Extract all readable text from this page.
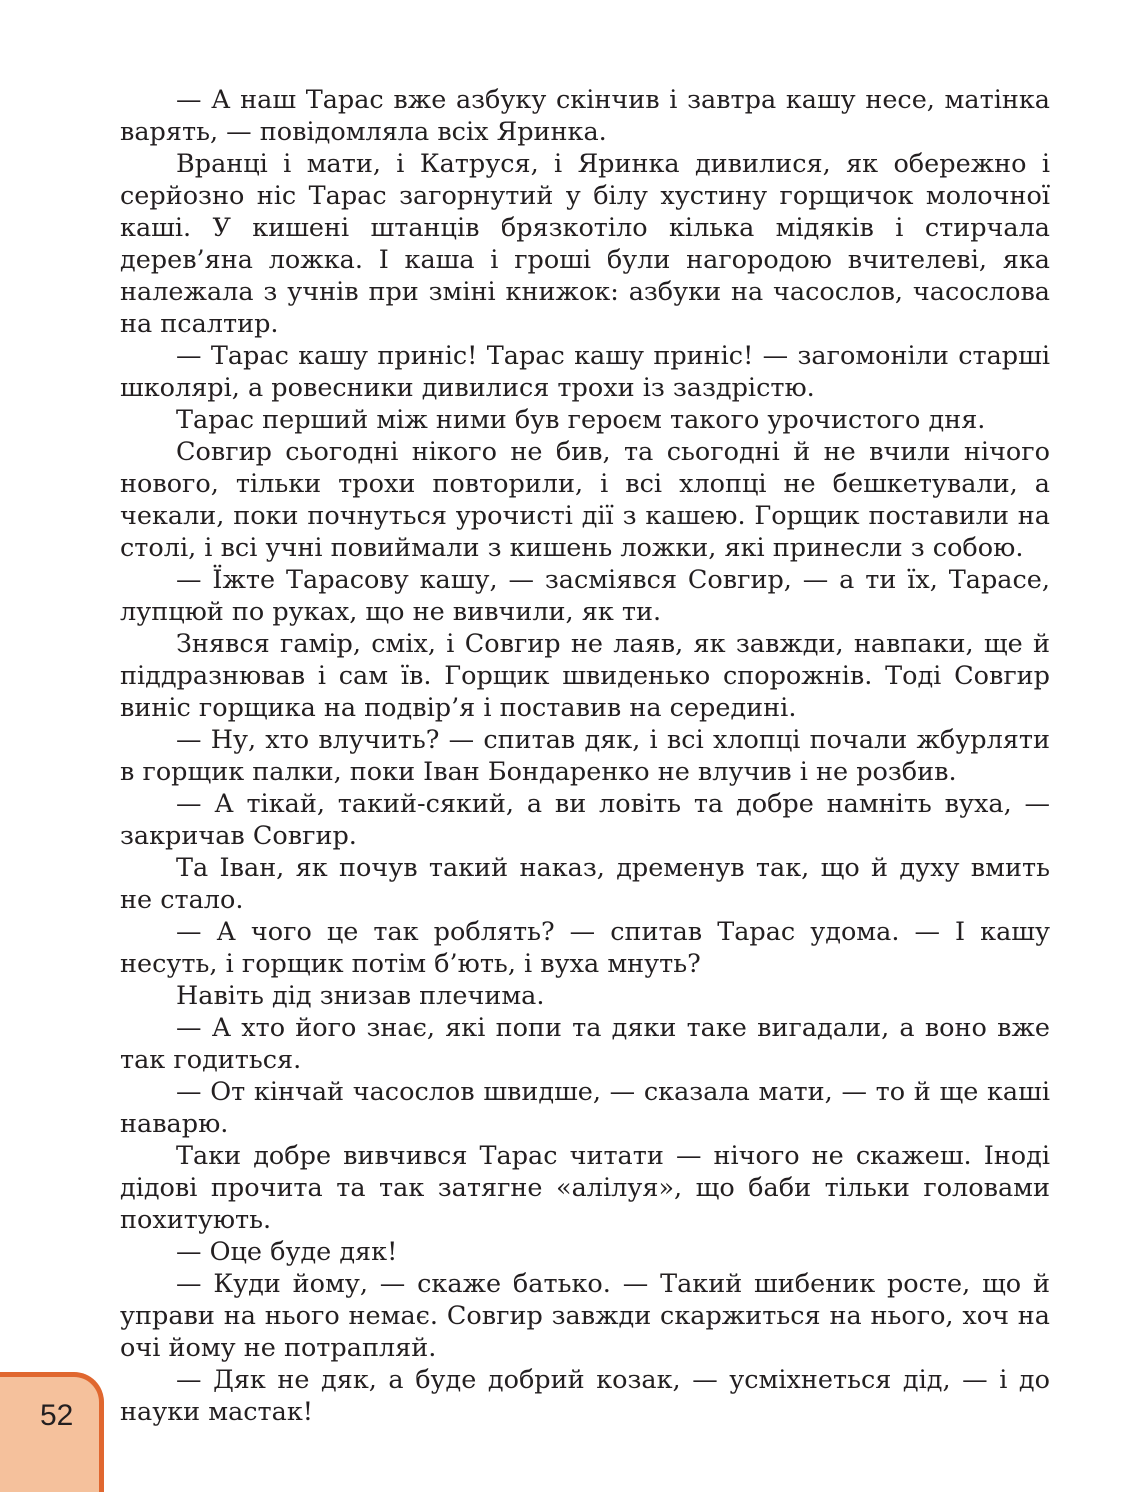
— А наш Тарас вже азбуку скінчив і завтра кашу несе, матінка варять, — повідомляла всіх Яринка.

Вранці і мати, і Катруся, і Яринка дивилися, як обережно і серйозно ніс Тарас загорнутий у білу хустину горщичок молочної каші. У кишені штанців брязкотіло кілька мідяків і стирчала дерев’яна ложка. І каша і гроші були нагородою вчителеві, яка належала з учнів при зміні книжок: азбуки на часослов, часослова на псалтир.

— Тарас кашу приніс! Тарас кашу приніс! — загомоніли старші школярі, а ровесники дивилися трохи із заздрістю.

Тарас перший між ними був героєм такого урочистого дня.

Совгир сьогодні нікого не бив, та сьогодні й не вчили нічого нового, тільки трохи повторили, і всі хлопці не бешкетували, а чекали, поки почнуться урочисті дії з кашею. Горщик поставили на столі, і всі учні повиймали з кишень ложки, які принесли з собою.

— Їжте Тарасову кашу, — засміявся Совгир, — а ти їх, Тарасе, лупцюй по руках, що не вивчили, як ти.

Знявся гамір, сміх, і Совгир не лаяв, як завжди, навпаки, ще й піддразнював і сам їв. Горщик швиденько спорожнів. Тоді Совгир виніс горщика на подвір’я і поставив на середині.

— Ну, хто влучить? — спитав дяк, і всі хлопці почали жбурляти в горщик палки, поки Іван Бондаренко не влучив і не розбив.

— А тікай, такий-сякий, а ви ловіть та добре намніть вуха, — закричав Совгир.

Та Іван, як почув такий наказ, дременув так, що й духу вмить не стало.

— А чого це так роблять? — спитав Тарас удома. — І кашу несуть, і горщик потім б’ють, і вуха мнуть?

Навіть дід знизав плечима.

— А хто його знає, які попи та дяки таке вигадали, а воно вже так годиться.

— От кінчай часослов швидше, — сказала мати, — то й ще каші наварю.

Таки добре вивчився Тарас читати — нічого не скажеш. Іноді дідові прочита та так затягне «алілуя», що баби тільки головами похитують.

— Оце буде дяк!

— Куди йому, — скаже батько. — Такий шибеник росте, що й управи на нього немає. Совгир завжди скаржиться на нього, хоч на очі йому не потрапляй.

— Дяк не дяк, а буде добрий козак, — усміхнеться дід, — і до науки мастак!

52
